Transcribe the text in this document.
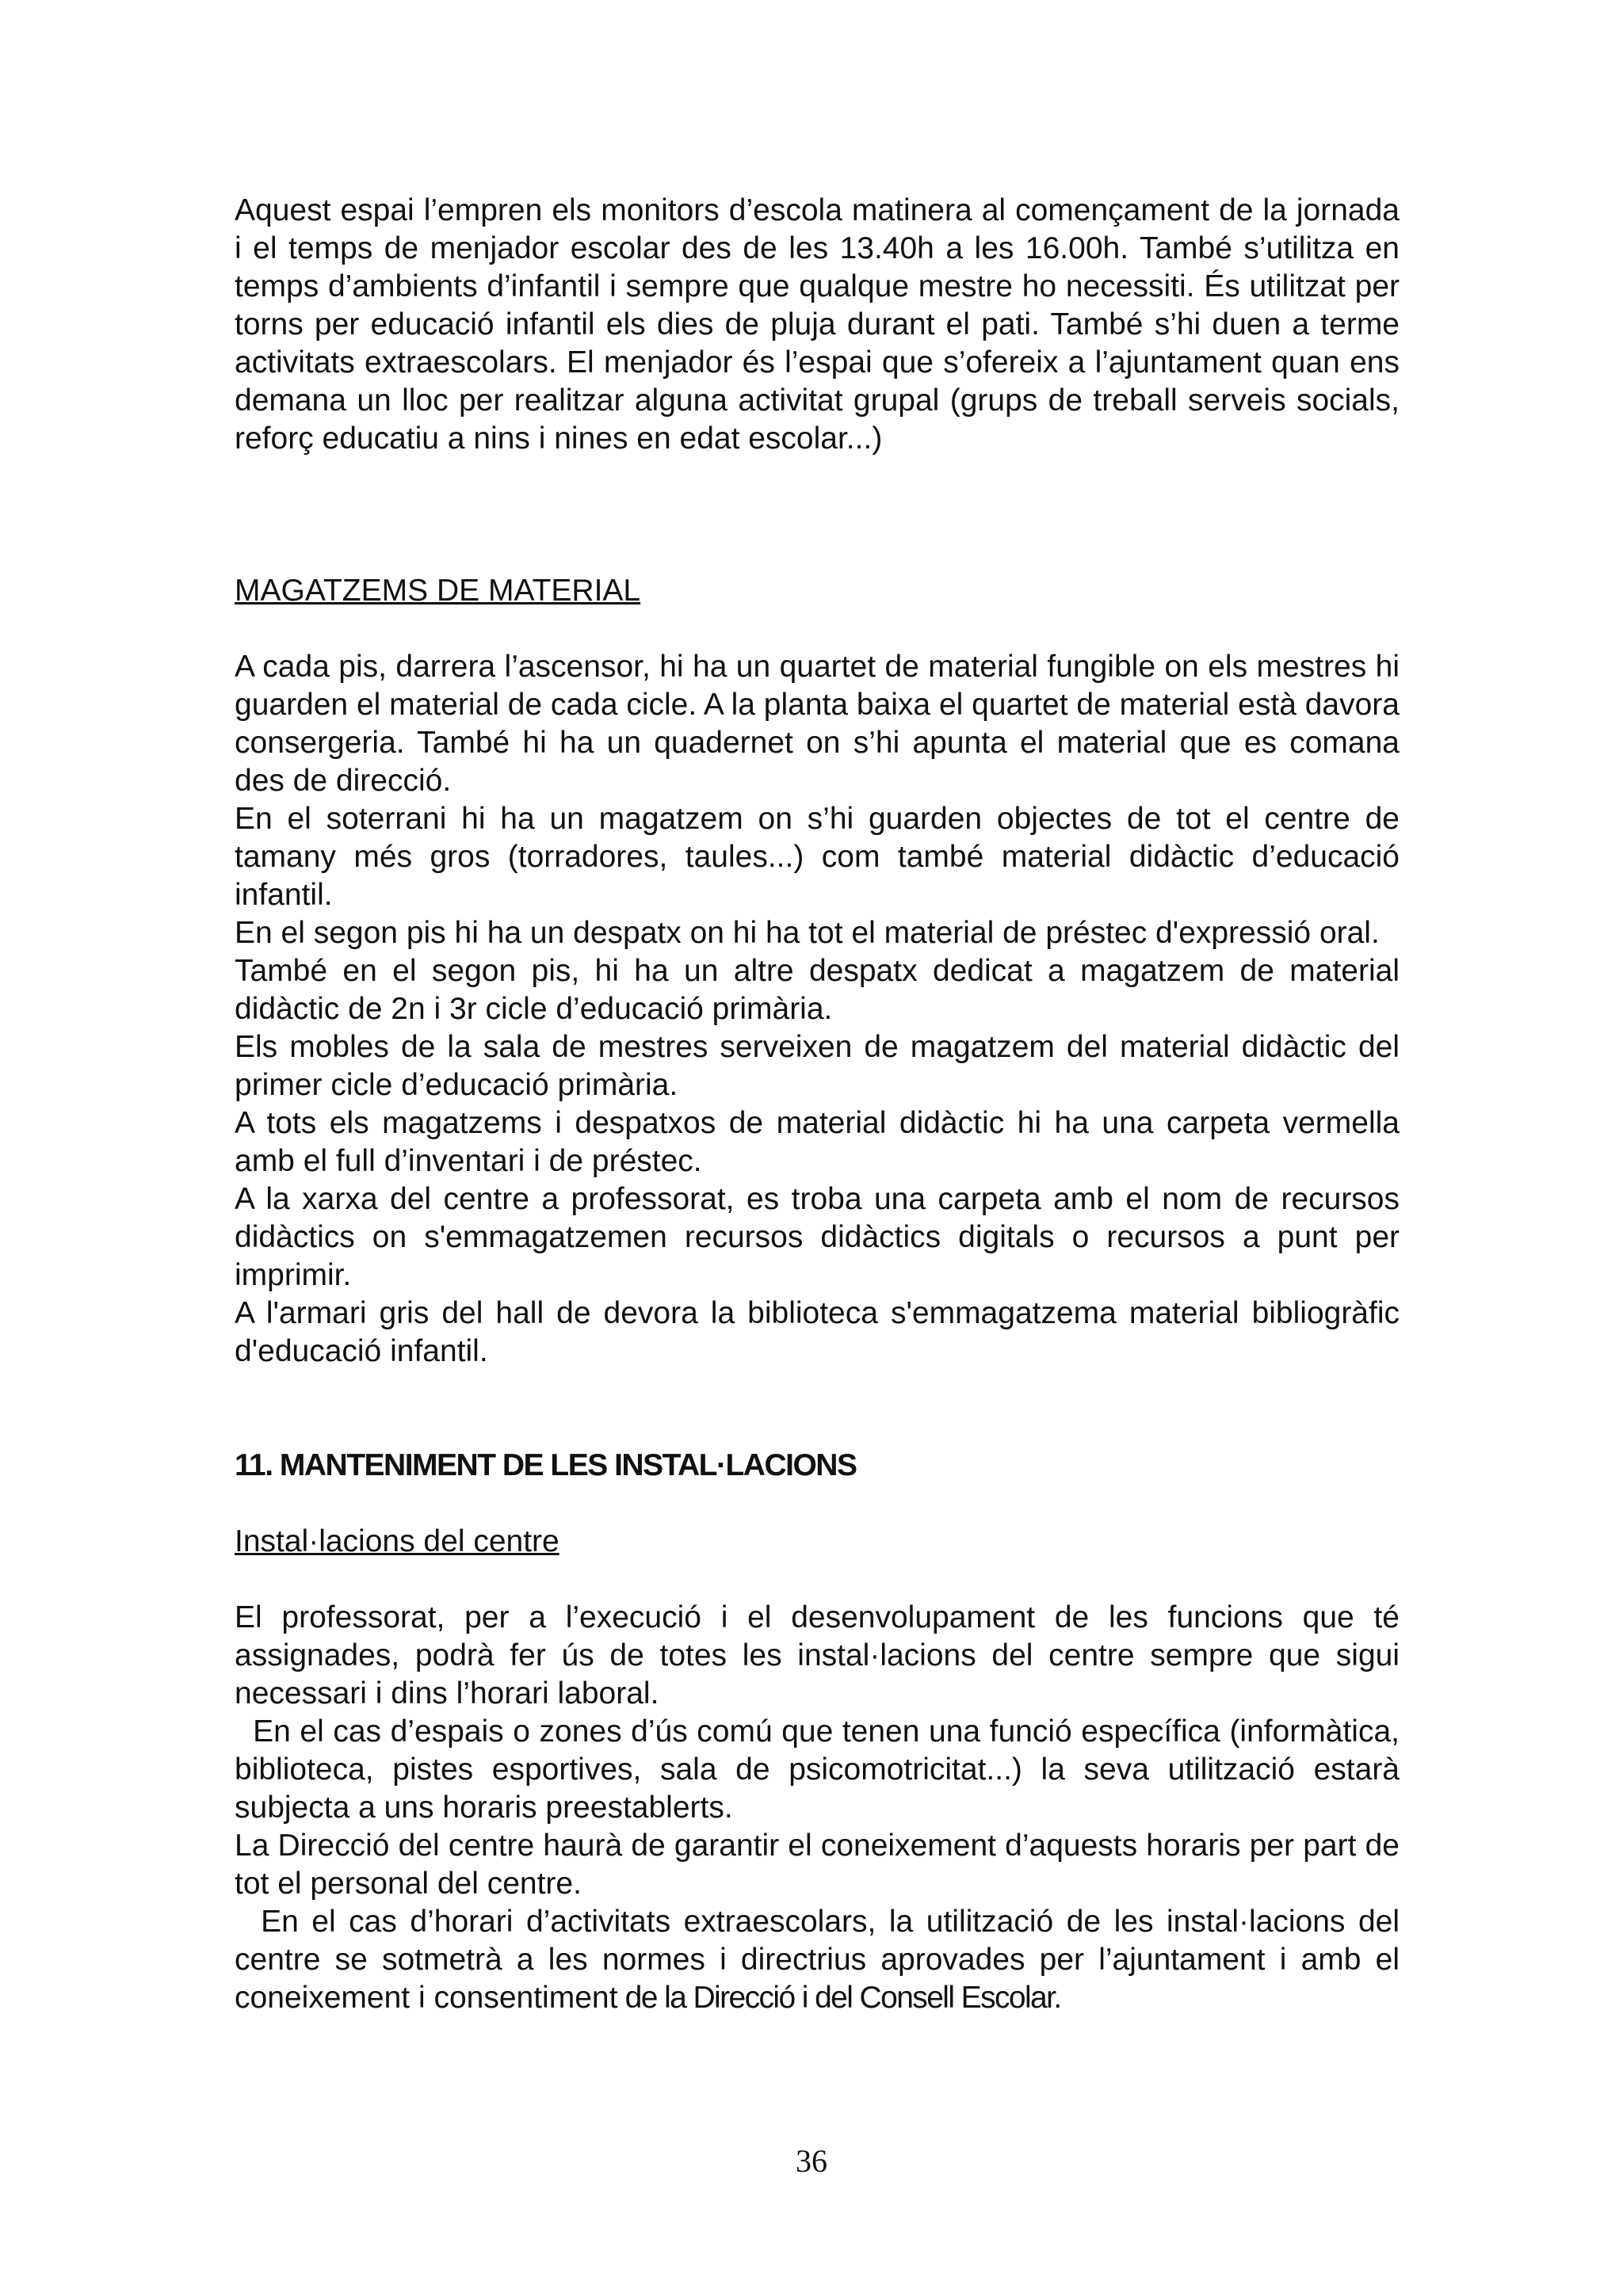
Aquest espai l’empren els monitors d’escola matinera al començament de la jornada i el temps de menjador escolar des de les 13.40h a les 16.00h. També s’utilitza en temps d’ambients d’infantil i sempre que qualque mestre ho necessiti. És utilitzat per torns per educació infantil els dies de pluja durant el pati. També s’hi duen a terme activitats extraescolars. El menjador és l’espai que s’ofereix a l’ajuntament quan ens demana un lloc per realitzar alguna activitat grupal (grups de treball serveis socials, reforç educatiu a nins i nines en edat escolar...)

MAGATZEMS DE MATERIAL

A cada pis, darrera l’ascensor, hi ha un quartet de material fungible on els mestres hi guarden el material de cada cicle. A la planta baixa el quartet de material està davora consergeria. També hi ha un quadernet on s’hi apunta el material que es comana des de direcció.

En el soterrani hi ha un magatzem on s’hi guarden objectes de tot el centre de tamany més gros (torradores, taules...) com també material didàctic d’educació infantil.

En el segon pis hi ha un despatx on hi ha tot el material de préstec d'expressió oral.

També en el segon pis, hi ha un altre despatx dedicat a magatzem de material didàctic de 2n i 3r cicle d’educació primària.

Els mobles de la sala de mestres serveixen de magatzem del material didàctic del primer cicle d’educació primària.

A tots els magatzems i despatxos de material didàctic hi ha una carpeta vermella amb el full d’inventari i de préstec.

A la xarxa del centre a professorat, es troba una carpeta amb el nom de recursos didàctics on s'emmagatzemen recursos didàctics digitals o recursos a punt per imprimir.

A l'armari gris del hall de devora la biblioteca s'emmagatzema material bibliogràfic d'educació infantil.

11. MANTENIMENT DE LES INSTAL·LACIONS

Instal·lacions del centre

El professorat, per a l’execució i el desenvolupament de les funcions que té assignades, podrà fer ús de totes les instal·lacions del centre sempre que sigui necessari i dins l’horari laboral.

En el cas d’espais o zones d’ús comú que tenen una funció específica (informàtica, biblioteca, pistes esportives, sala de psicomotricitat...) la seva utilització estarà subjecta a uns horaris preestablerts.

La Direcció del centre haurà de garantir el coneixement d’aquests horaris per part de tot el personal del centre.

En el cas d’horari d’activitats extraescolars, la utilització de les instal·lacions del centre se sotmetrà a les normes i directrius aprovades per l’ajuntament i amb el coneixement i consentiment de la Direcció i del Consell Escolar.

36
